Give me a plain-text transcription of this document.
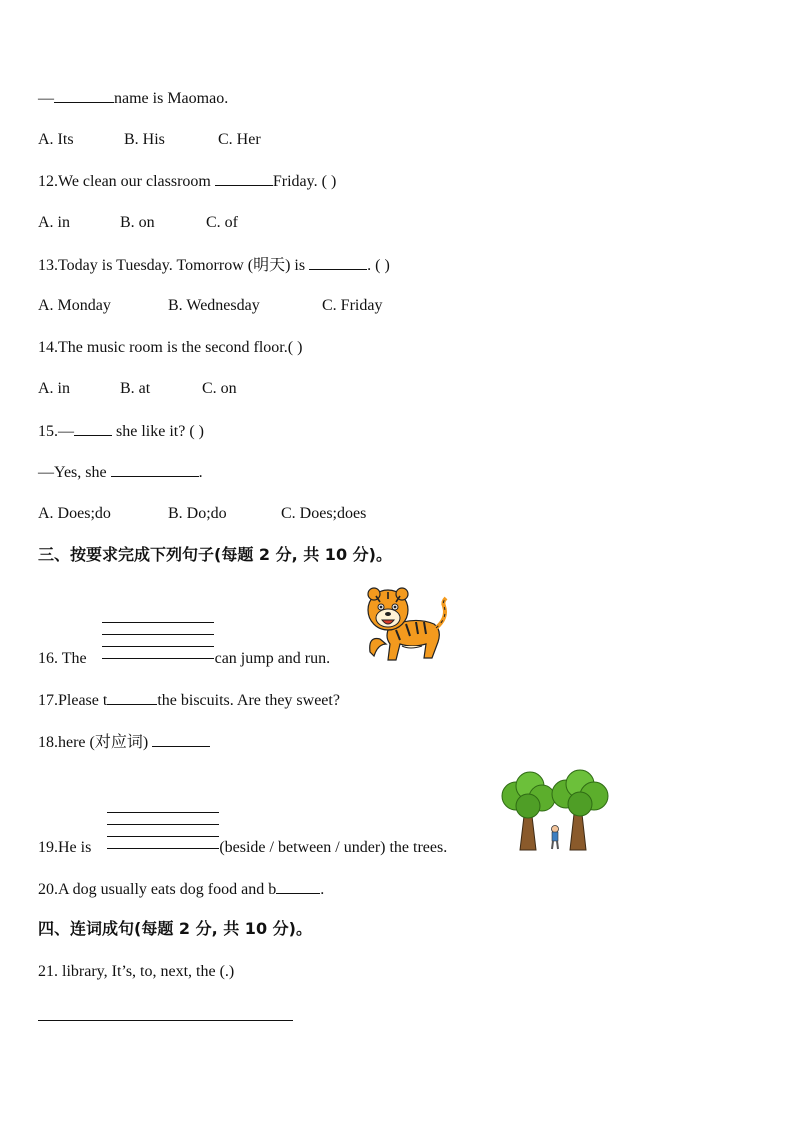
—	name is Maomao.
A. Its	B. His	C. Her
12.We clean our classroom	Friday. ( )
A. in	B. on	C. of
13.Today is Tuesday. Tomorrow (明天) is	. ( )
A. Monday	B. Wednesday	C. Friday
14.The music room is the second floor.( )
A. in	B. at	C. on
15.— she like it? ( )
—Yes, she	.
A. Does;do	B. Do;do	C. Does;does
三、按要求完成下列句子(每题 2 分, 共 10 分)。
16. The	can jump and run.
17.Please t	the biscuits. Are they sweet?
18.here (对应词)
19.He is	(beside / between / under) the trees.
20.A dog usually eats dog food and b	.
四、连词成句(每题 2 分, 共 10 分)。
21. library, It’s, to, next, the (.)
